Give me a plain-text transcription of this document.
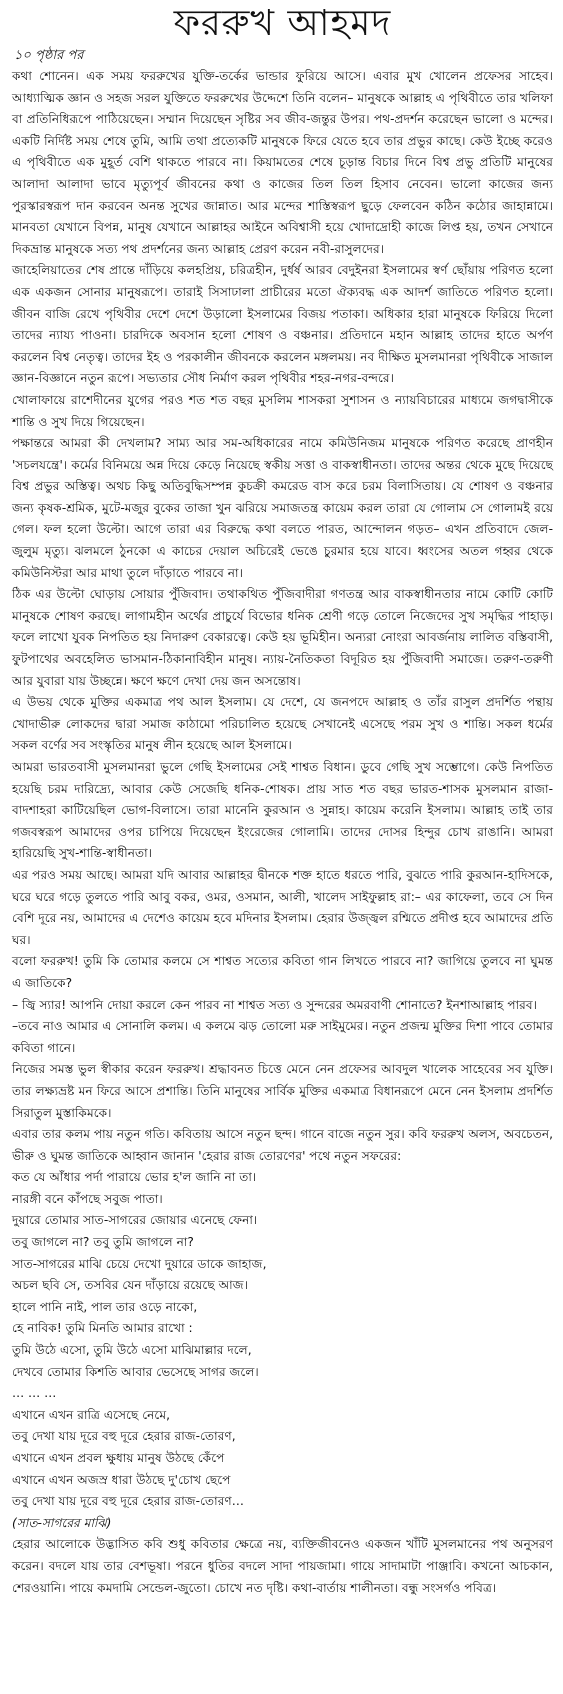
ফররুখ আহমদ
১০ পৃষ্ঠার পর

কথা শোনেন। এক সময় ফররুখের যুক্তি-তর্কের ভান্ডার ফুরিয়ে আসে। এবার মুখ খোলেন প্রফেসর সাহেব। আধ্যাত্মিক জ্ঞান ও সহজ সরল যুক্তিতে ফররুখের উদ্দেশে তিনি বলেন– মানুষকে আল্লাহ এ পৃথিবীতে তার খলিফা বা প্রতিনিধিরূপে পাঠিয়েছেন। সম্মান দিয়েছেন সৃষ্টির সব জীব-জন্তুর উপর। পথ-প্রদর্শন করেছেন ভালো ও মন্দের। একটি নির্দিষ্ট সময় শেষে তুমি, আমি তথা প্রত্যেকটি মানুষকে ফিরে যেতে হবে তার প্রভুর কাছে। কেউ ইচ্ছে করেও এ পৃথিবীতে এক মুহূর্ত বেশি থাকতে পারবে না। কিয়ামতের শেষে চূড়ান্ত বিচার দিনে বিশ্ব প্রভু প্রতিটি মানুষের আলাদা আলাদা ভাবে মৃত্যুপূর্ব জীবনের কথা ও কাজের তিল তিল হিসাব নেবেন। ভালো কাজের জন্য পুরস্কারস্বরূপ দান করবেন অনন্ত সুখের জান্নাত। আর মন্দের শাস্তিস্বরূপ ছুড়ে ফেলবেন কঠিন কঠোর জাহান্নামে। মানবতা যেখানে বিপন্ন, মানুষ যেখানে আল্লাহর আইনে অবিশ্বাসী হয়ে খোদাদ্রোহী কাজে লিপ্ত হয়, তখন সেখানে দিকভ্রান্ত মানুষকে সত্য পথ প্রদর্শনের জন্য আল্লাহ প্রেরণ করেন নবী-রাসুলদের।

জাহেলিয়াতের শেষ প্রান্তে দাঁড়িয়ে কলহপ্রিয়, চরিত্রহীন, দুর্ধর্ষ আরব বেদুইনরা ইসলামের স্বর্ণ ছোঁয়ায় পরিণত হলো এক একজন সোনার মানুষরূপে। তারাই সিসাঢালা প্রাচীরের মতো ঐক্যবদ্ধ এক আদর্শ জাতিতে পরিণত হলো। জীবন বাজি রেখে পৃথিবীর দেশে দেশে উড়ালো ইসলামের বিজয় পতাকা। অধিকার হারা মানুষকে ফিরিয়ে দিলো তাদের ন্যায্য পাওনা। চারদিকে অবসান হলো শোষণ ও বঞ্চনার। প্রতিদানে মহান আল্লাহ তাদের হাতে অর্পণ করলেন বিশ্ব নেতৃত্ব। তাদের ইহ ও পরকালীন জীবনকে করলেন মঙ্গলময়। নব দীক্ষিত মুসলমানরা পৃথিবীকে সাজাল জ্ঞান-বিজ্ঞানে নতুন রূপে। সভ্যতার সৌধ নির্মাণ করল পৃথিবীর শহর-নগর-বন্দরে।

খোলাফায়ে রাশেদীনের যুগের পরও শত শত বছর মুসলিম শাসকরা সুশাসন ও ন্যায়বিচারের মাধ্যমে জগদ্বাসীকে শান্তি ও সুখ দিয়ে গিয়েছেন।

পক্ষান্তরে আমরা কী দেখলাম? সাম্য আর সম-অধিকারের নামে কমিউনিজম মানুষকে পরিণত করেছে প্রাণহীন 'সচলযন্ত্রে'। কর্মের বিনিময়ে অন্ন দিয়ে কেড়ে নিয়েছে স্বকীয় সত্তা ও বাকস্বাধীনতা। তাদের অন্তর থেকে মুছে দিয়েছে বিশ্ব প্রভুর অস্তিত্ব। অথচ কিছু অতিবুদ্ধিসম্পন্ন কুচক্রী কমরেড বাস করে চরম বিলাসিতায়। যে শোষণ ও বঞ্চনার জন্য কৃষক-শ্রমিক, মুটে-মজুর বুকের তাজা খুন ঝরিয়ে সমাজতন্ত্র কায়েম করল তারা যে গোলাম সে গোলামই রয়ে গেল। ফল হলো উল্টো। আগে তারা এর বিরুদ্ধে কথা বলতে পারত, আন্দোলন গড়ত– এখন প্রতিবাদে জেল-জুলুম মৃত্যু। ঝলমলে ঠুনকো এ কাচের দেয়াল অচিরেই ভেঙে চুরমার হয়ে যাবে। ধ্বংসের অতল গহ্বর থেকে কমিউনিস্টরা আর মাথা তুলে দাঁড়াতে পারবে না।

ঠিক এর উল্টো ঘোড়ায় সোয়ার পুঁজিবাদ। তথাকথিত পুঁজিবাদীরা গণতন্ত্র আর বাকস্বাধীনতার নামে কোটি কোটি মানুষকে শোষণ করছে। লাগামহীন অর্থের প্রাচুর্যে বিভোর ধনিক শ্রেণী গড়ে তোলে নিজেদের সুখ সমৃদ্ধির পাহাড়। ফলে লাখো যুবক নিপতিত হয় নিদারুণ বেকারত্বে। কেউ হয় ভূমিহীন। অন্যরা নোংরা আবর্জনায় লালিত বস্তিবাসী, ফুটপাথের অবহেলিত ভাসমান-ঠিকানাবিহীন মানুষ। ন্যায়-নৈতিকতা বিদূরিত হয় পুঁজিবাদী সমাজে। তরুণ-তরুণী আর যুবারা যায় উচ্ছন্নে। ক্ষণে ক্ষণে দেখা দেয় জন অসন্তোষ।

এ উভয় থেকে মুক্তির একমাত্র পথ আল ইসলাম। যে দেশে, যে জনপদে আল্লাহ ও তাঁর রাসুল প্রদর্শিত পন্থায় খোদাভীরু লোকদের দ্বারা সমাজ কাঠামো পরিচালিত হয়েছে সেখানেই এসেছে পরম সুখ ও শান্তি। সকল ধর্মের সকল বর্ণের সব সংস্কৃতির মানুষ লীন হয়েছে আল ইসলামে।

আমরা ভারতবাসী মুসলমানরা ভুলে গেছি ইসলামের সেই শাশ্বত বিধান। ডুবে গেছি সুখ সম্ভোগে। কেউ নিপতিত হয়েছি চরম দারিদ্র্যে, আবার কেউ সেজেছি ধনিক-শোষক। প্রায় সাত শত বছর ভারত-শাসক মুসলমান রাজা-বাদশাহরা কাটিয়েছিল ভোগ-বিলাসে। তারা মানেনি কুরআন ও সুন্নাহ। কায়েম করেনি ইসলাম। আল্লাহ তাই তার গজবস্বরূপ আমাদের ওপর চাপিয়ে দিয়েছেন ইংরেজের গোলামি। তাদের দোসর হিন্দুর চোখ রাঙানি। আমরা হারিয়েছি সুখ-শান্তি-স্বাধীনতা।

এর পরও সময় আছে। আমরা যদি আবার আল্লাহর দ্বীনকে শক্ত হাতে ধরতে পারি, বুঝতে পারি কুরআন-হাদিসকে, ঘরে ঘরে গড়ে তুলতে পারি আবু বকর, ওমর, ওসমান, আলী, খালেদ সাইফুল্লাহ রা:– এর কাফেলা, তবে সে দিন বেশি দূরে নয়, আমাদের এ দেশেও কায়েম হবে মদিনার ইসলাম। হেরার উজ্জ্বল রশ্মিতে প্রদীপ্ত হবে আমাদের প্রতি ঘর।

বলো ফররুখ! তুমি কি তোমার কলমে সে শাশ্বত সত্যের কবিতা গান লিখতে পারবে না? জাগিয়ে তুলবে না ঘুমন্ত এ জাতিকে?

– জ্বি স্যার! আপনি দোয়া করলে কেন পারব না শাশ্বত সত্য ও সুন্দরের অমরবাণী শোনাতে? ইনশাআল্লাহ পারব।

–তবে নাও আমার এ সোনালি কলম। এ কলমে ঝড় তোলো মরু সাইমুমের। নতুন প্রজন্ম মুক্তির দিশা পাবে তোমার কবিতা গানে।

নিজের সমস্ত ভুল স্বীকার করেন ফররুখ। শ্রদ্ধাবনত চিত্তে মেনে নেন প্রফেসর আবদুল খালেক সাহেবের সব যুক্তি। তার লক্ষ্যভ্রষ্ট মন ফিরে আসে প্রশান্তি। তিনি মানুষের সার্বিক মুক্তির একমাত্র বিধানরূপে মেনে নেন ইসলাম প্রদর্শিত সিরাতুল মুস্তাকিমকে।

এবার তার কলম পায় নতুন গতি। কবিতায় আসে নতুন ছন্দ। গানে বাজে নতুন সুর। কবি ফররুখ অলস, অবচেতন, ভীরু ও ঘুমন্ত জাতিকে আহ্বান জানান 'হেরার রাজ তোরণের' পথে নতুন সফরের:

কত যে আঁধার পর্দা পারায়ে ভোর হ'ল জানি না তা।

নারঙ্গী বনে কাঁপছে সবুজ পাতা।

দুয়ারে তোমার সাত-সাগরের জোয়ার এনেছে ফেনা।

তবু জাগলে না? তবু তুমি জাগলে না?

সাত-সাগরের মাঝি চেয়ে দেখো দুয়ারে ডাকে জাহাজ,

অচল ছবি সে, তসবির যেন দাঁড়ায়ে রয়েছে আজ।

হালে পানি নাই, পাল তার ওড়ে নাকো,

হে নাবিক! তুমি মিনতি আমার রাখো :

তুমি উঠে এসো, তুমি উঠে এসো মাঝিমাল্লার দলে,

দেখবে তোমার কিশতি আবার ভেসেছে সাগর জলে।

… … …

এখানে এখন রাত্রি এসেছে নেমে,

তবু দেখা যায় দূরে বহু দূরে হেরার রাজ-তোরণ,

এখানে এখন প্রবল ক্ষুধায় মানুষ উঠছে কেঁপে

এখানে এখন অজস্র ধারা উঠছে দু'চোখ ছেপে

তবু দেখা যায় দূরে বহু দূরে হেরার রাজ-তোরণ…

(সাত-সাগরের মাঝি)

হেরার আলোকে উদ্ভাসিত কবি শুধু কবিতার ক্ষেত্রে নয়, ব্যক্তিজীবনেও একজন খাঁটি মুসলমানের পথ অনুসরণ করেন। বদলে যায় তার বেশভূষা। পরনে ধুতির বদলে সাদা পায়জামা। গায়ে সাদামাটা পাঞ্জাবি। কখনো আচকান, শেরওয়ানি। পায়ে কমদামি সেন্ডেল-জুতো। চোখে নত দৃষ্টি। কথা-বার্তায় শালীনতা। বন্ধু সংসর্গও পবিত্র।
